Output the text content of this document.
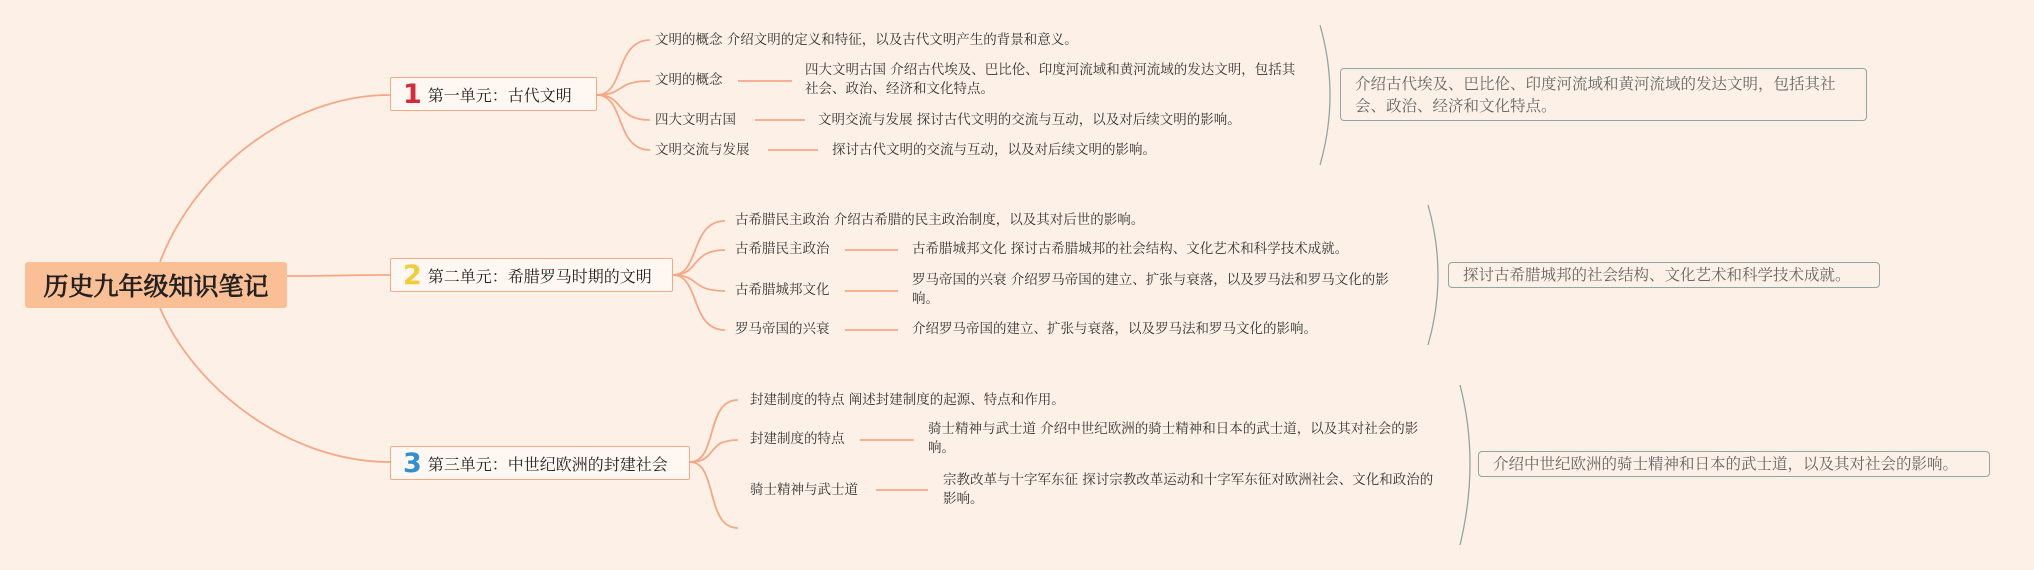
历史九年级知识笔记
1 第一单元：古代文明
文明的概念 介绍文明的定义和特征，以及古代文明产生的背景和意义。
文明的概念
四大文明古国 介绍古代埃及、巴比伦、印度河流域和黄河流域的发达文明，包括其社会、政治、经济和文化特点。
四大文明古国	文明交流与发展 探讨古代文明的交流与互动，以及对后续文明的影响。
文明交流与发展	探讨古代文明的交流与互动，以及对后续文明的影响。
介绍古代埃及、巴比伦、印度河流域和黄河流域的发达文明，包括其社会、政治、经济和文化特点。
2 第二单元：希腊罗马时期的文明
古希腊民主政治 介绍古希腊的民主政治制度，以及其对后世的影响。
古希腊民主政治	古希腊城邦文化 探讨古希腊城邦的社会结构、文化艺术和科学技术成就。
古希腊城邦文化
罗马帝国的兴衰 介绍罗马帝国的建立、扩张与衰落，以及罗马法和罗马文化的影响。
罗马帝国的兴衰	介绍罗马帝国的建立、扩张与衰落，以及罗马法和罗马文化的影响。
探讨古希腊城邦的社会结构、文化艺术和科学技术成就。
3 第三单元：中世纪欧洲的封建社会
封建制度的特点 阐述封建制度的起源、特点和作用。
封建制度的特点
骑士精神与武士道 介绍中世纪欧洲的骑士精神和日本的武士道，以及其对社会的影响。
骑士精神与武士道
宗教改革与十字军东征 探讨宗教改革运动和十字军东征对欧洲社会、文化和政治的影响。
介绍中世纪欧洲的骑士精神和日本的武士道，以及其对社会的影响。
